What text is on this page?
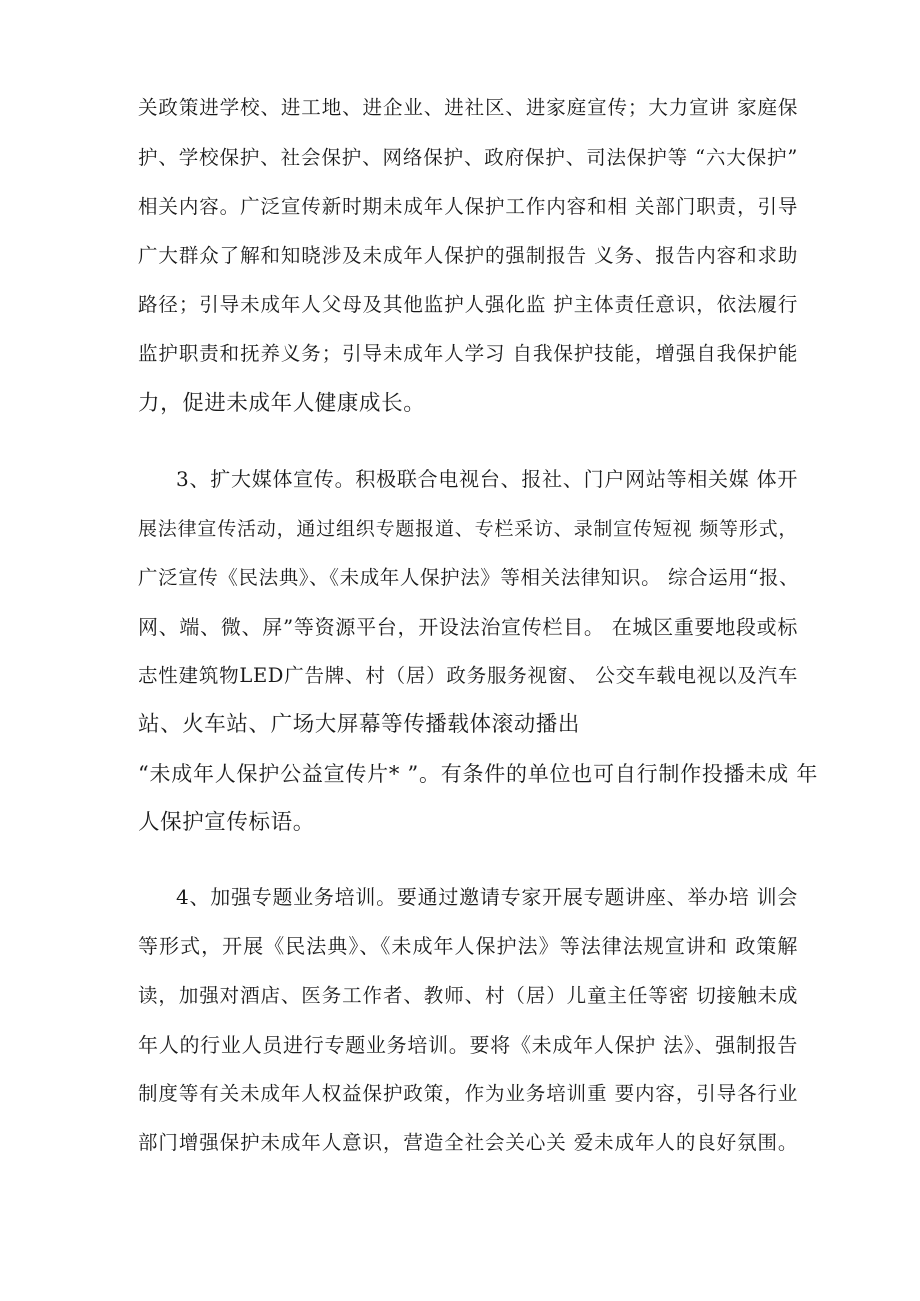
关政策进学校、进工地、进企业、进社区、进家庭宣传；大力宣讲 家庭保
护、学校保护、社会保护、网络保护、政府保护、司法保护等 “六大保护”
相关内容。广泛宣传新时期未成年人保护工作内容和相 关部门职责，引导
广大群众了解和知晓涉及未成年人保护的强制报告 义务、报告内容和求助
路径；引导未成年人父母及其他监护人强化监 护主体责任意识，依法履行
监护职责和抚养义务；引导未成年人学习 自我保护技能，增强自我保护能
力，促进未成年人健康成长。
3、扩大媒体宣传。积极联合电视台、报社、门户网站等相关媒 体开
展法律宣传活动，通过组织专题报道、专栏采访、录制宣传短视 频等形式，
广泛宣传《民法典》、《未成年人保护法》等相关法律知识。 综合运用“报、
网、端、微、屏”等资源平台，开设法治宣传栏目。 在城区重要地段或标
志性建筑物LED广告牌、村（居）政务服务视窗、 公交车载电视以及汽车
站、火车站、广场大屏幕等传播载体滚动播出
“未成年人保护公益宣传片* ”。有条件的单位也可自行制作投播未成 年
人保护宣传标语。
4、加强专题业务培训。要通过邀请专家开展专题讲座、举办培 训会
等形式，开展《民法典》、《未成年人保护法》等法律法规宣讲和 政策解
读，加强对酒店、医务工作者、教师、村（居）儿童主任等密 切接触未成
年人的行业人员进行专题业务培训。要将《未成年人保护 法》、强制报告
制度等有关未成年人权益保护政策，作为业务培训重 要内容，引导各行业
部门增强保护未成年人意识，营造全社会关心关 爱未成年人的良好氛围。
